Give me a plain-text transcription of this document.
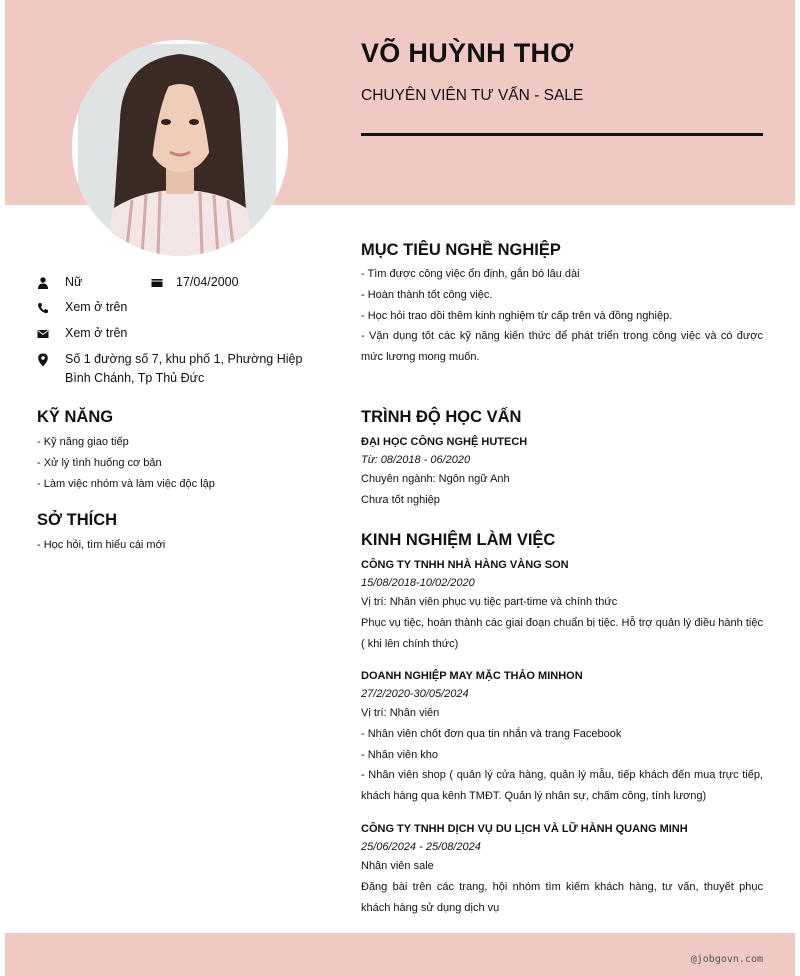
VÕ HUỲNH THƠ
CHUYÊN VIÊN TƯ VẤN - SALE
Nữ	17/04/2000
Xem ở trên
Xem ở trên
Số 1 đường số 7, khu phố 1, Phường Hiệp
Bình Chánh, Tp Thủ Đức
KỸ NĂNG
- Kỹ năng giao tiếp
- Xử lý tình huống cơ bản
- Làm việc nhóm và làm việc độc lập
SỞ THÍCH
- Học hỏi, tìm hiểu cái mới
MỤC TIÊU NGHỀ NGHIỆP
- Tìm được công việc ổn định, gắn bó lâu dài
- Hoàn thành tốt công việc.
- Học hỏi trao dồi thêm kinh nghiệm từ cấp trên và đồng nghiệp.
- Vận dụng tốt các kỹ năng kiến thức để phát triển trong công việc và có được mức lương mong muốn.
TRÌNH ĐỘ HỌC VẤN
ĐẠI HỌC CÔNG NGHỆ HUTECH
Từ: 08/2018 - 06/2020
Chuyên ngành: Ngôn ngữ Anh
Chưa tốt nghiệp
KINH NGHIỆM LÀM VIỆC
CÔNG TY TNHH NHÀ HÀNG VÀNG SON
15/08/2018-10/02/2020
Vị trí: Nhân viên phục vụ tiệc part-time và chính thức
Phục vụ tiệc, hoàn thành các giai đoạn chuẩn bị tiệc. Hỗ trợ quản lý điều hành tiệc ( khi lên chính thức)
DOANH NGHIỆP MAY MẶC THẢO MINHON
27/2/2020-30/05/2024
Vị trí: Nhân viên
- Nhân viên chốt đơn qua tin nhắn và trang Facebook
- Nhân viên kho
- Nhân viên shop ( quản lý cửa hàng, quản lý mẫu, tiếp khách đến mua trực tiếp, khách hàng qua kênh TMĐT. Quản lý nhân sự, chấm công, tính lương)
CÔNG TY TNHH DỊCH VỤ DU LỊCH VÀ LỮ HÀNH QUANG MINH
25/06/2024 - 25/08/2024
Nhân viên sale
Đăng bài trên các trang, hội nhóm tìm kiếm khách hàng, tư vấn, thuyết phục khách hàng sử dụng dịch vụ
@jobgovn.com
